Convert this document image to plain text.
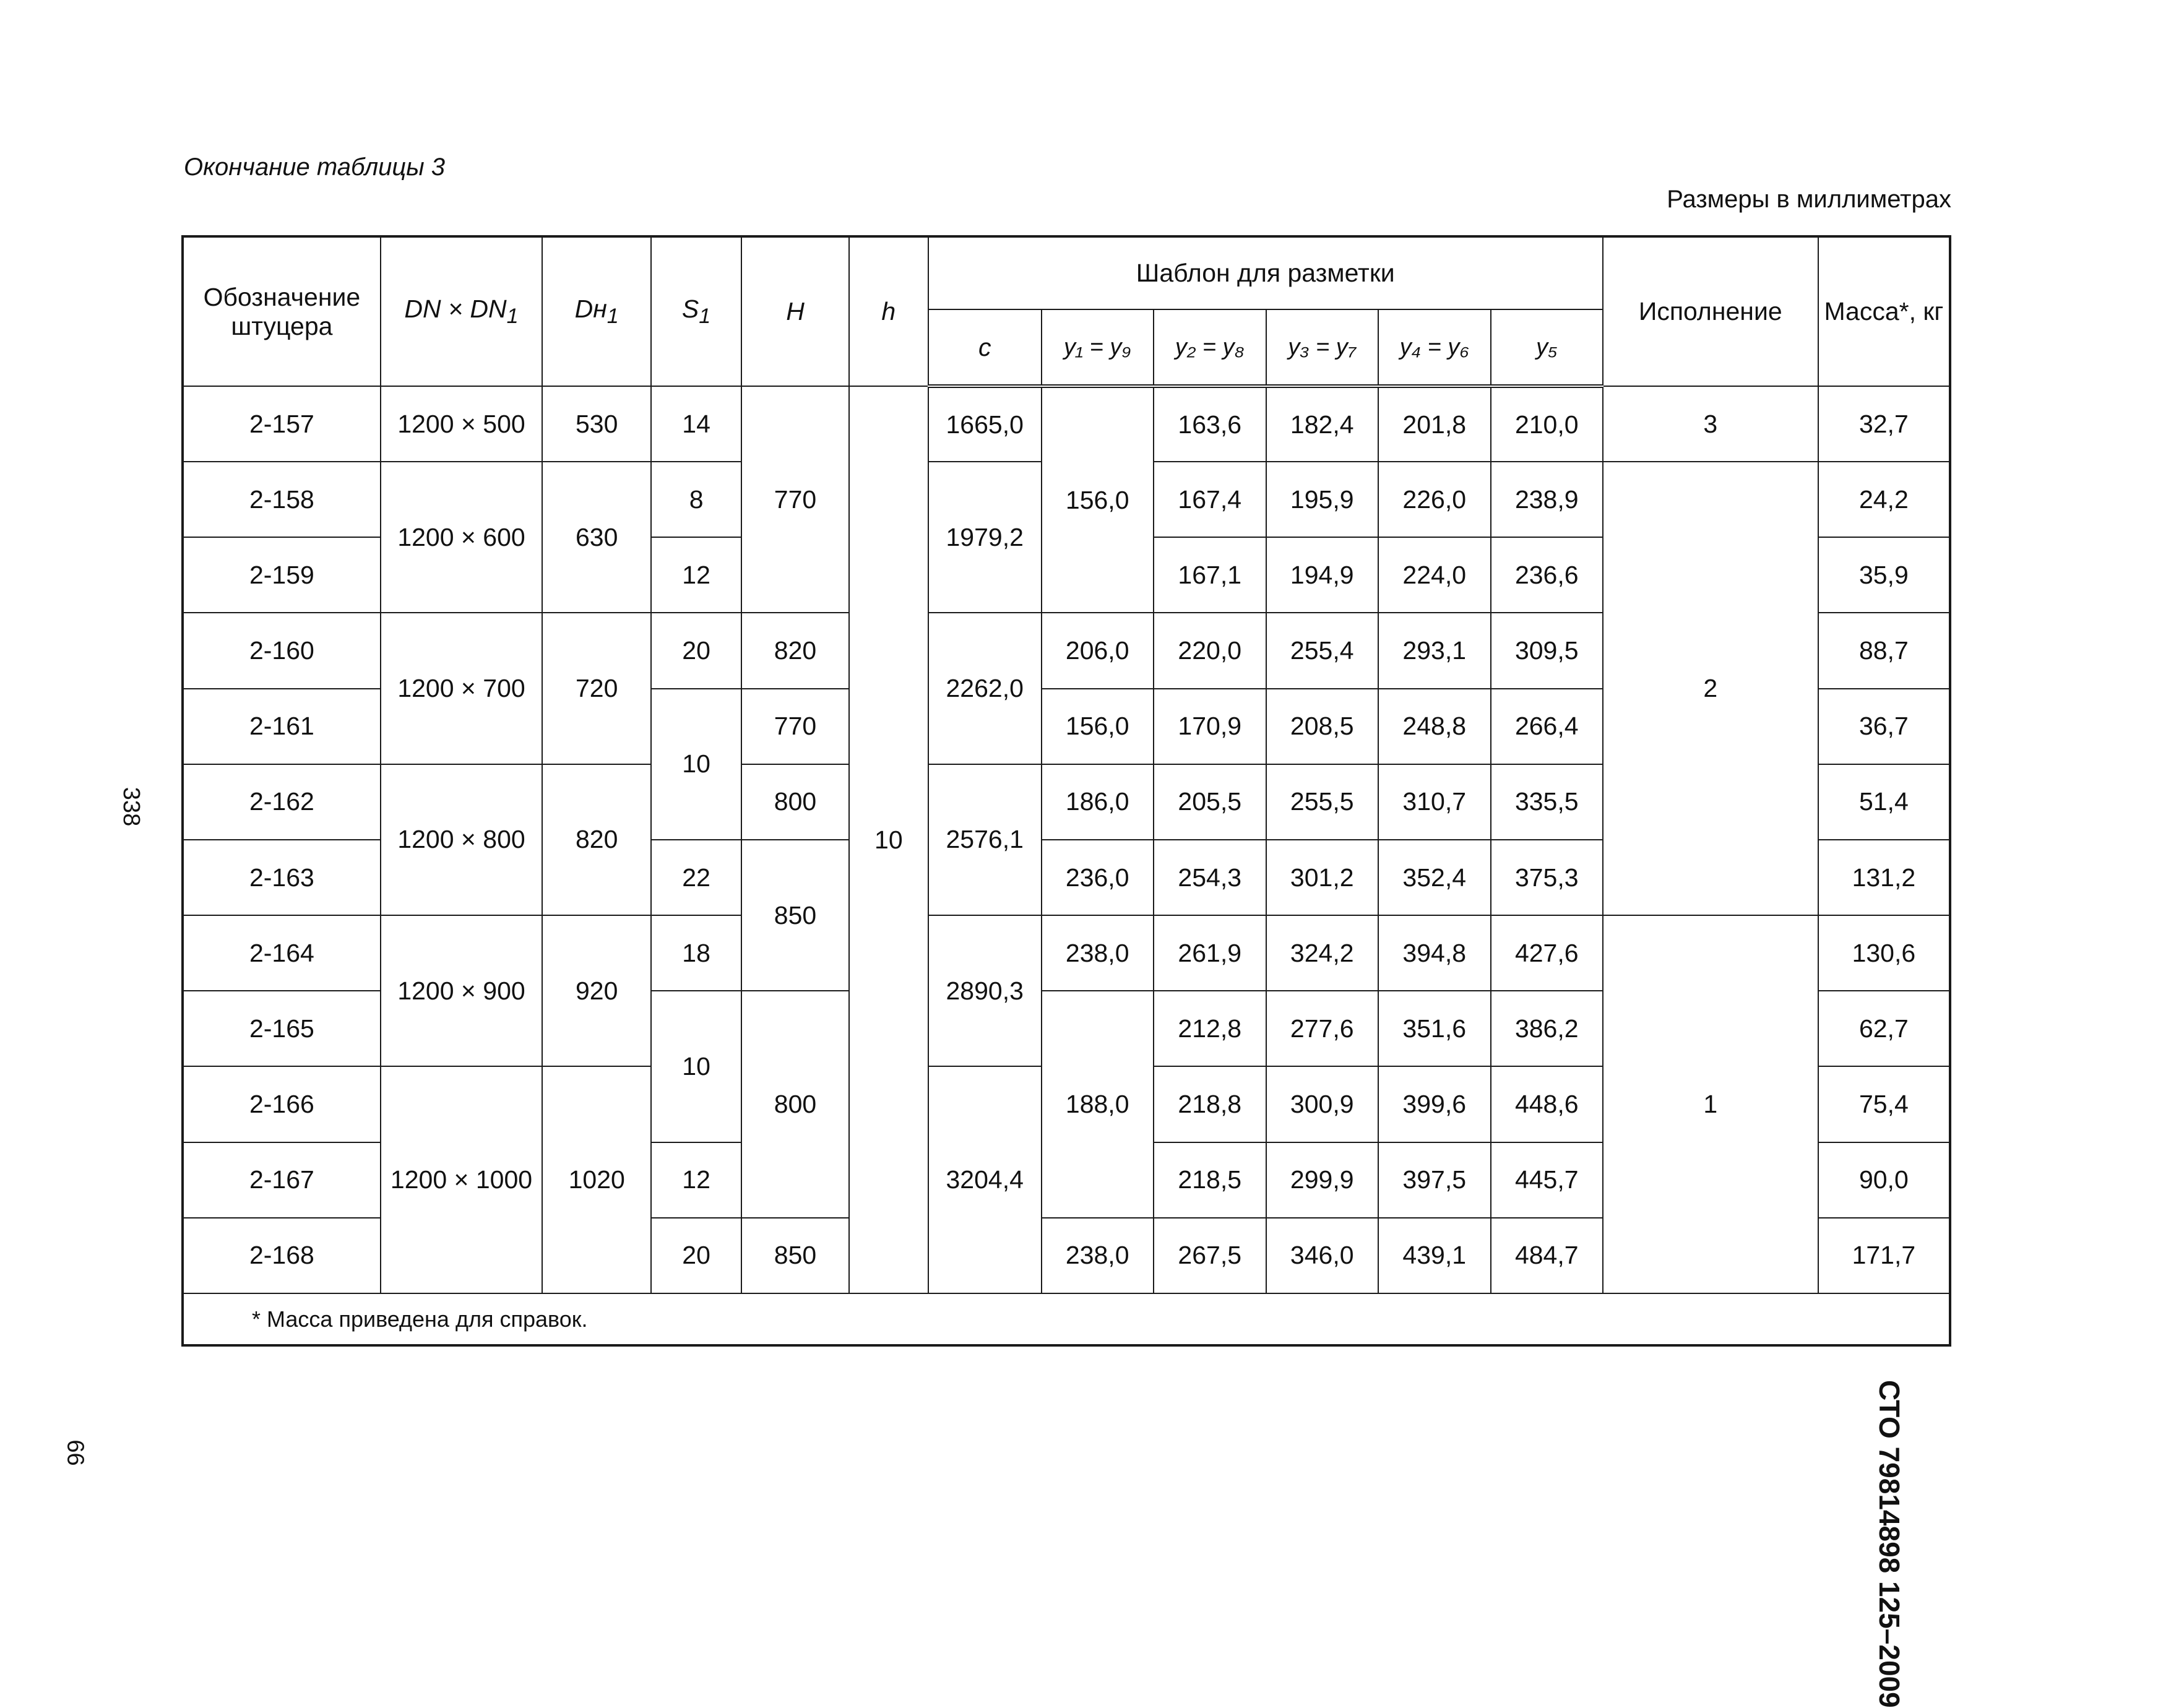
Окончание таблицы 3
Размеры в миллиметрах
338
66	СТО 79814898 125–2009
Обозначение штуцера	DN × $DN_1$	$Dн_1$	$S_1$	H	h	Шаблон для разметки						Исполнение	Масса*, кг
						c	y₁ = y₉	y₂ = y₈	y₃ = y₇	y₄ = y₆	y₅		
2-157	1200 × 500	530	14	770	10	1665,0	156,0	163,6	182,4	201,8	210,0	3	32,7
2-158	1200 × 600	630	8			1979,2		167,4	195,9	226,0	238,9	2	24,2
2-159			12					167,1	194,9	224,0	236,6		35,9
2-160	1200 × 700	720	20	820		2262,0	206,0	220,0	255,4	293,1	309,5		88,7
2-161			10	770			156,0	170,9	208,5	248,8	266,4		36,7
2-162	1200 × 800	820		800		2576,1	186,0	205,5	255,5	310,7	335,5		51,4
2-163			22	850			236,0	254,3	301,2	352,4	375,3		131,2
2-164	1200 × 900	920	18			2890,3	238,0	261,9	324,2	394,8	427,6	1	130,6
2-165			10	800			188,0	212,8	277,6	351,6	386,2		62,7
2-166	1200 × 1000	1020				3204,4		218,8	300,9	399,6	448,6		75,4
2-167			12					218,5	299,9	397,5	445,7		90,0
2-168			20	850			238,0	267,5	346,0	439,1	484,7		171,7
* Масса приведена для справок.													
